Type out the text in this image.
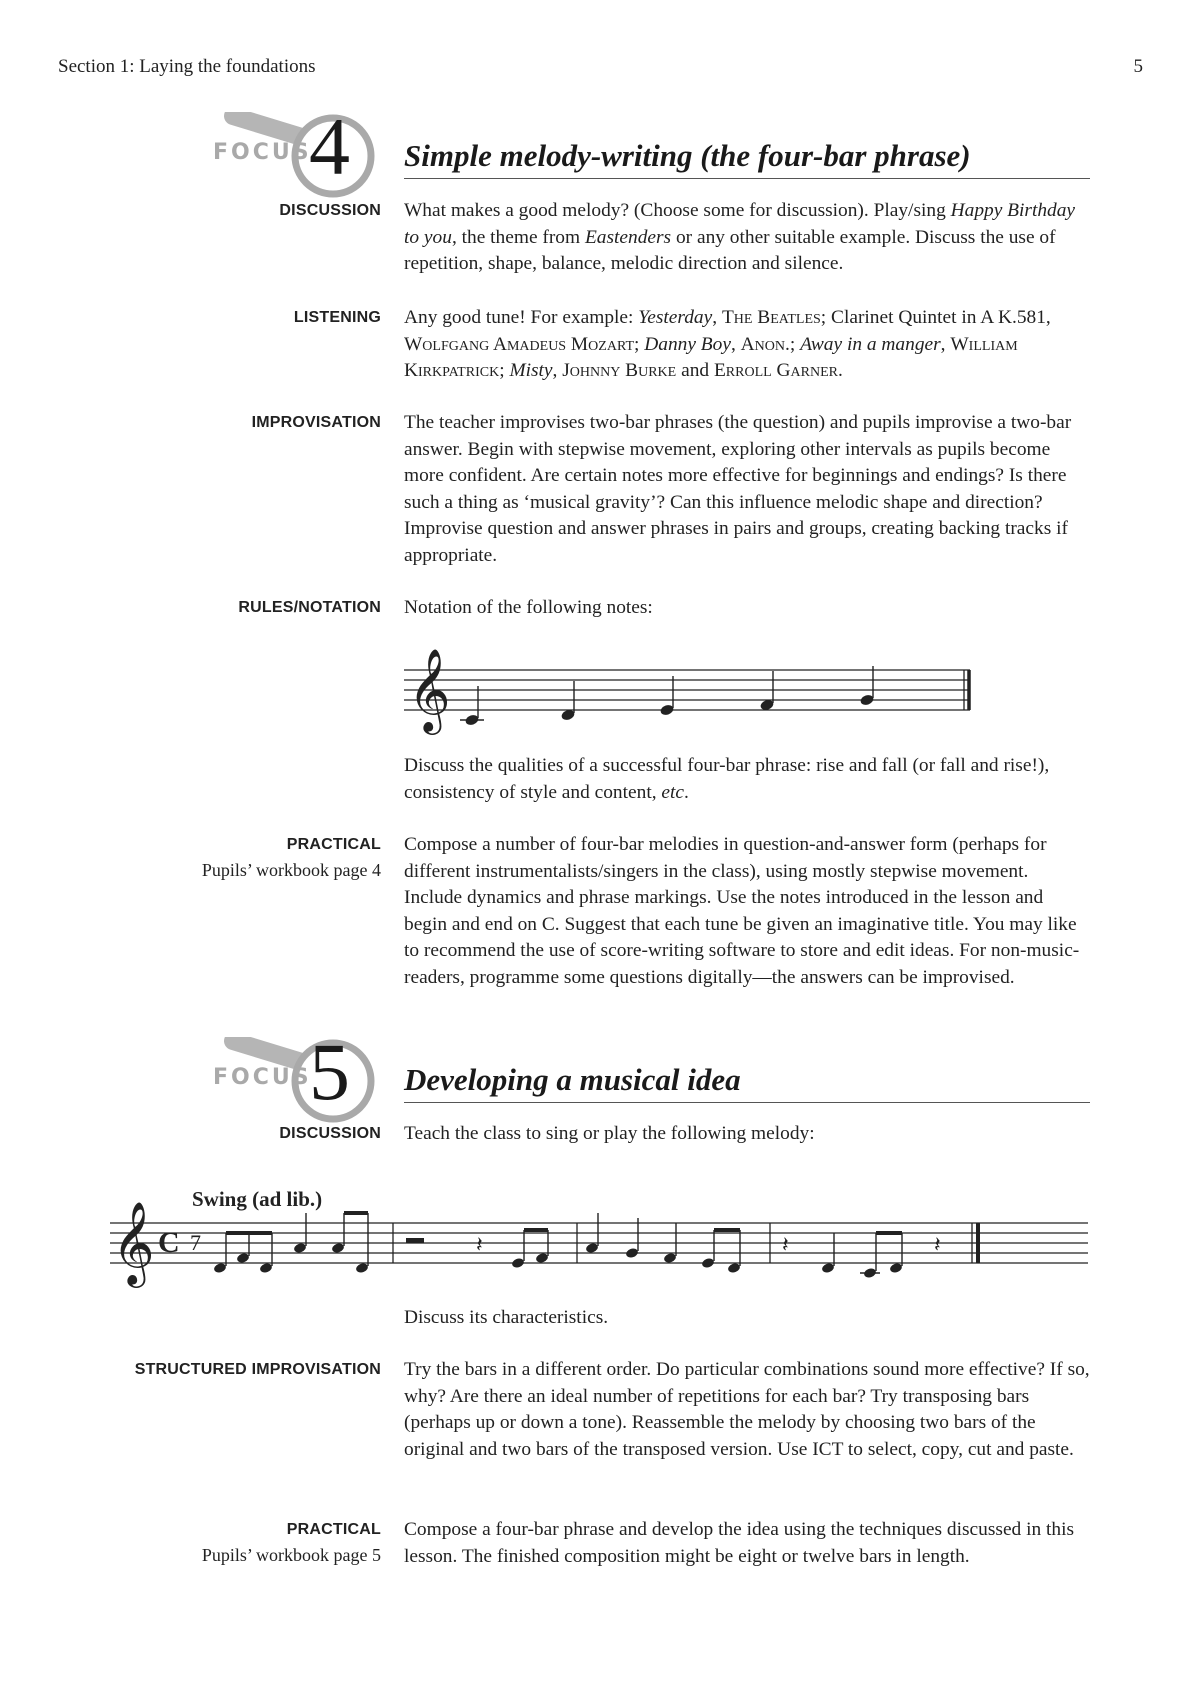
Section 1: Laying the foundations	5
FOCUS
4 Simple melody-writing (the four-bar phrase)
DISCUSSION What makes a good melody? (Choose some for discussion). Play/sing Happy Birthday to you, the theme from Eastenders or any other suitable example. Discuss the use of repetition, shape, balance, melodic direction and silence.

LISTENING Any good tune! For example: Yesterday, The Beatles; Clarinet Quintet in A K.581, Wolfgang Amadeus Mozart; Danny Boy, Anon.; Away in a manger, William Kirkpatrick; Misty, Johnny Burke and Erroll Garner.

IMPROVISATION The teacher improvises two-bar phrases (the question) and pupils improvise a two-bar answer. Begin with stepwise movement, exploring other intervals as pupils become more confident. Are certain notes more effective for beginnings and endings? Is there such a thing as ‘musical gravity’? Can this influence melodic shape and direction? Improvise question and answer phrases in pairs and groups, creating backing tracks if appropriate.

RULES/NOTATION Notation of the following notes:

𝄞

Discuss the qualities of a successful four-bar phrase: rise and fall (or fall and rise!), consistency of style and content, etc.

PRACTICAL
Pupils’ workbook page 4

Compose a number of four-bar melodies in question-and-answer form (perhaps for different instrumentalists/singers in the class), using mostly stepwise movement. Include dynamics and phrase markings. Use the notes introduced in the lesson and begin and end on C. Suggest that each tune be given an imaginative title. You may like to recommend the use of score-writing software to store and edit ideas. For non-music-readers, programme some questions digitally—the answers can be improvised.

FOCUS
5 Developing a musical idea
DISCUSSION Teach the class to sing or play the following melody:

Swing (ad lib.)
𝄞 C 7	𝄽	𝄽	𝄽

Discuss its characteristics.

STRUCTURED IMPROVISATION Try the bars in a different order. Do particular combinations sound more effective? If so, why? Are there an ideal number of repetitions for each bar? Try transposing bars (perhaps up or down a tone). Reassemble the melody by choosing two bars of the original and two bars of the transposed version. Use ICT to select, copy, cut and paste.

PRACTICAL
Pupils’ workbook page 5

Compose a four-bar phrase and develop the idea using the techniques discussed in this lesson. The finished composition might be eight or twelve bars in length.
